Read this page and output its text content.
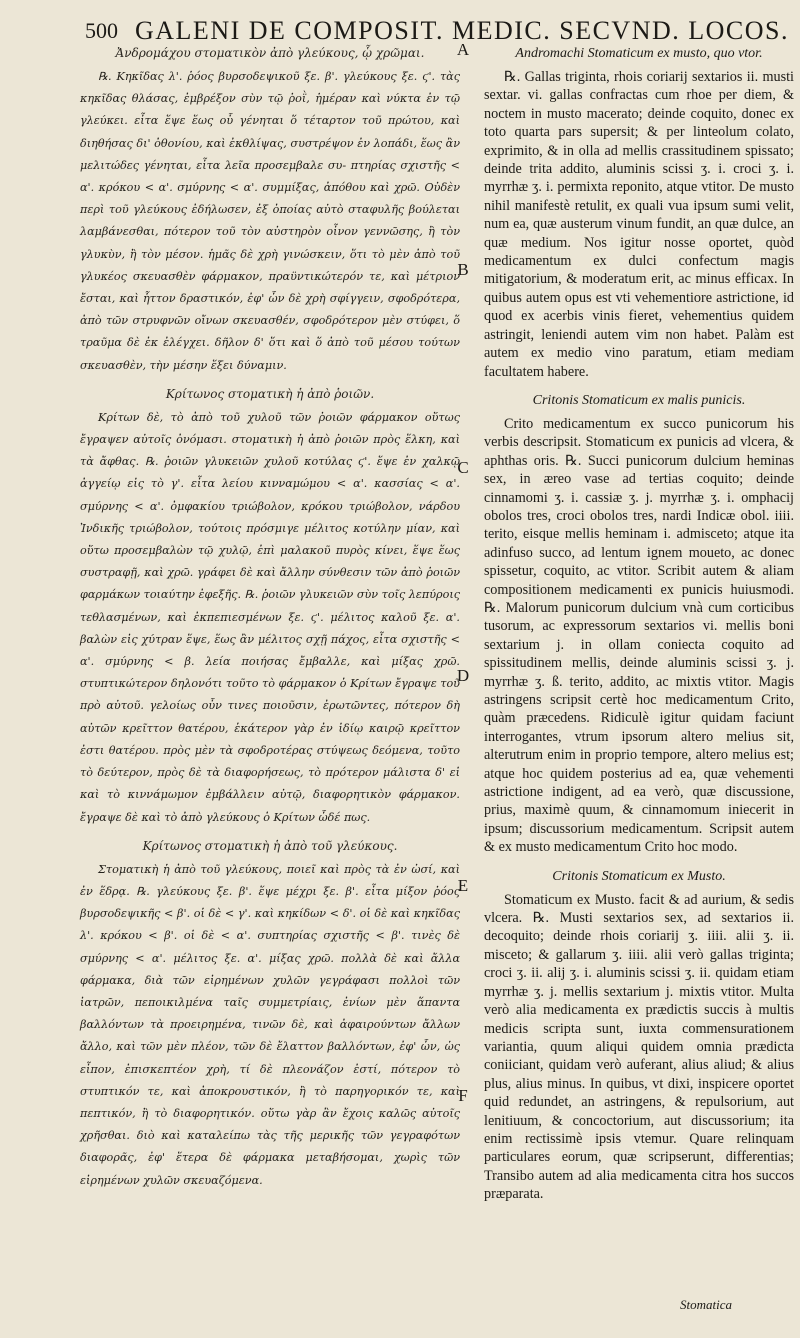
500 GALENI DE COMPOSIT. MEDIC. SECVND. LOCOS.
A
B
C
D
E
F

Ἀνδρομάχου στοματικὸν ἀπὸ γλεύκους, ᾧ χρῶμαι.

℞. Κηκῖδας λ'. ῥόος βυρσοδεψικοῦ ξε. β'. γλεύκους ξε. ϛ'. τὰς κηκῖδας θλάσας, ἐμβρέξον σὺν τῷ ῥοῒ, ἡμέραν καὶ νύκτα ἐν τῷ γλεύκει. εἶτα ἕψε ἕως οὗ γένηται ὅ τέταρτον τοῦ πρώτου, καὶ διηθήσας δι' ὀθονίου, καὶ ἐκθλίψας, συστρέψον ἐν λοπάδι, ἕως ἂν μελιτώδες γένηται, εἶτα λεῖα προσεμβαλε συ- πτηρίας σχιστῆς < α'. κρόκου < α'. σμύρνης < α'. συμμίξας, ἀπόθου καὶ χρῶ. Οὐδὲν περὶ τοῦ γλεύκους ἐδήλωσεν, ἐξ ὁποίας αὐτὸ σταφυλῆς βούλεται λαμβάνεσθαι, πότερον τοῦ τὸν αὐστηρὸν οἶνον γεννῶσης, ἢ τὸν γλυκὺν, ἢ τὸν μέσον. ἡμᾶς δὲ χρὴ γινώσκειν, ὅτι τὸ μὲν ἀπὸ τοῦ γλυκέος σκευασθὲν φάρμακον, πραϋντικώτερόν τε, καὶ μέτριον ἔσται, καὶ ἧττον δραστικόν, ἐφ' ὧν δὲ χρὴ σφίγγειν, σφοδρότερα, ἀπὸ τῶν στρυφνῶν οἴνων σκευασθέν, σφοδρότερον μὲν στύφει, ὅ τραῦμα δὲ ἐκ ἐλέγχει. δῆλον δ' ὅτι καὶ ὅ ἀπὸ τοῦ μέσου τούτων σκευασθὲν, τὴν μέσην ἕξει δύναμιν.

Κρίτωνος στοματικὴ ἡ ἀπὸ ῥοιῶν.

Κρίτων δὲ, τὸ ἀπὸ τοῦ χυλοῦ τῶν ῥοιῶν φάρμακον οὕτως ἔγραψεν αὐτοῖς ὀνόμασι. στοματικὴ ἡ ἀπὸ ῥοιῶν πρὸς ἕλκη, καὶ τὰ ἄφθας. ℞. ῥοιῶν γλυκειῶν χυλοῦ κοτύλας ϛ'. ἕψε ἐν χαλκῷ ἀγγείῳ εἰς τὸ γ'. εἶτα λείου κινναμώμου < α'. κασσίας < α'. σμύρνης < α'. ὀμφακίου τριώβολον, κρόκου τριώβολον, νάρδου Ἰνδικῆς τριώβολον, τούτοις πρόσμιγε μέλιτος κοτύλην μίαν, καὶ οὕτω προσεμβαλὼν τῷ χυλῷ, ἐπὶ μαλακοῦ πυρὸς κίνει, ἕψε ἕως συστραφῇ, καὶ χρῶ. γράφει δὲ καὶ ἄλλην σύνθεσιν τῶν ἀπὸ ῥοιῶν φαρμάκων τοιαύτην ἐφεξῆς. ℞. ῥοιῶν γλυκειῶν σὺν τοῖς λεπύροις τεθλασμένων, καὶ ἐκπεπιεσμένων ξε. ϛ'. μέλιτος καλοῦ ξε. α'. βαλὼν εἰς χύτραν ἕψε, ἕως ἂν μέλιτος σχῇ πάχος, εἶτα σχιστῆς < α'. σμύρνης < β. λεία ποιήσας ἔμβαλλε, καὶ μίξας χρῶ. στυπτικώτερον δηλονότι τοῦτο τὸ φάρμακον ὁ Κρίτων ἔγραψε τοῦ πρὸ αὐτοῦ. γελοίως οὖν τινες ποιοῦσιν, ἐρωτῶντες, πότερον δὴ αὐτῶν κρεῖττον θατέρου, ἑκάτερον γὰρ ἐν ἰδίῳ καιρῷ κρεῖττον ἐστι θατέρου. πρὸς μὲν τὰ σφοδροτέρας στύψεως δεόμενα, τοῦτο τὸ δεύτερον, πρὸς δὲ τὰ διαφορήσεως, τὸ πρότερον μάλιστα δ' εἰ καὶ τὸ κιννάμωμον ἐμβάλλειν αὐτῷ, διαφορητικὸν φάρμακον. ἔγραψε δὲ καὶ τὸ ἀπὸ γλεύκους ὁ Κρίτων ὧδέ πως.

Κρίτωνος στοματικὴ ἡ ἀπὸ τοῦ γλεύκους.

Στοματικὴ ἡ ἀπὸ τοῦ γλεύκους, ποιεῖ καὶ πρὸς τὰ ἐν ὠσί, καὶ ἐν ἕδρᾳ. ℞. γλεύκους ξε. β'. ἕψε μέχρι ξε. β'. εἶτα μίξον ῥόος βυρσοδεψικῆς < β'. οἱ δὲ < γ'. καὶ κηκίδων < δ'. οἱ δὲ καὶ κηκῖδας λ'. κρόκου < β'. οἱ δὲ < α'. συπτηρίας σχιστῆς < β'. τινὲς δὲ σμύρνης < α'. μέλιτος ξε. α'. μίξας χρῶ. πολλὰ δὲ καὶ ἄλλα φάρμακα, διὰ τῶν εἰρημένων χυλῶν γεγράφασι πολλοὶ τῶν ἰατρῶν, πεποικιλμένα ταῖς συμμετρίαις, ἐνίων μὲν ἅπαντα βαλλόντων τὰ προειρημένα, τινῶν δὲ, καὶ ἀφαιρούντων ἄλλων ἄλλο, καὶ τῶν μὲν πλέον, τῶν δὲ ἔλαττον βαλλόντων, ἐφ' ὧν, ὡς εἶπον, ἐπισκεπτέον χρὴ, τί δὲ πλεονάζον ἐστί, πότερον τὸ στυπτικόν τε, καὶ ἀποκρουστικόν, ἢ τὸ παρηγορικόν τε, καὶ πεπτικόν, ἢ τὸ διαφορητικόν. οὕτω γὰρ ἂν ἔχοις καλῶς αὐτοῖς χρῆσθαι. διὸ καὶ καταλείπω τὰς τῆς μερικῆς τῶν γεγραφότων διαφορᾶς, ἐφ' ἕτερα δὲ φάρμακα μεταβήσομαι, χωρὶς τῶν εἰρημένων χυλῶν σκευαζόμενα.

Andromachi Stomaticum ex musto, quo vtor.

℞. Gallas triginta, rhois coriarij sextarios ii. musti sextar. vi. gallas confractas cum rhoe per diem, & noctem in musto macerato; deinde coquito, donec ex toto quarta pars supersit; & per linteolum colato, exprimito, & in olla ad mellis crassitudinem spissato; deinde trita addito, aluminis scissi ʒ. i. croci ʒ. i. myrrhæ ʒ. i. permixta reponito, atque vtitor. De musto nihil manifestè retulit, ex quali vua ipsum sumi velit, num ea, quæ austerum vinum fundit, an quæ dulce, an quæ medium. Nos igitur nosse oportet, quòd medicamentum ex dulci confectum magis mitigatorium, & moderatum erit, ac minus efficax. In quibus autem opus est vti vehementiore astrictione, id quod ex acerbis vinis fieret, vehementius quidem astringit, leniendi autem vim non habet. Palàm est autem ex medio vino paratum, etiam mediam facultatem habere.

Critonis Stomaticum ex malis punicis.

Crito medicamentum ex succo punicorum his verbis descripsit. Stomaticum ex punicis ad vlcera, & aphthas oris. ℞. Succi punicorum dulcium heminas sex, in æreo vase ad tertias coquito; deinde cinnamomi ʒ. i. cassiæ ʒ. j. myrrhæ ʒ. i. omphacij obolos tres, croci obolos tres, nardi Indicæ obol. iiii. terito, eisque mellis heminam i. admisceto; atque ita adinfuso succo, ad lentum ignem moueto, ac donec spissetur, coquito, ac vtitor. Scribit autem & aliam compositionem medicamenti ex punicis huiusmodi. ℞. Malorum punicorum dulcium vnà cum corticibus tusorum, ac expressorum sextarios vi. mellis boni sextarium j. in ollam coniecta coquito ad spissitudinem mellis, deinde aluminis scissi ʒ. j. myrrhæ ʒ. ß. terito, addito, ac mixtis vtitor. Magis astringens scripsit certè hoc medicamentum Crito, quàm præcedens. Ridiculè igitur quidam faciunt interrogantes, vtrum ipsorum altero melius sit, alterutrum enim in proprio tempore, altero melius est; atque hoc quidem posterius ad ea, quæ vehementi astrictione indigent, ad ea verò, quæ discussione, prius, maximè quum, & cinnamomum iniecerit in ipsum; discussorium medicamentum. Scripsit autem & ex musto medicamentum Crito hoc modo.

Critonis Stomaticum ex Musto.

Stomaticum ex Musto. facit & ad aurium, & sedis vlcera. ℞. Musti sextarios sex, ad sextarios ii. decoquito; deinde rhois coriarij ʒ. iiii. alii ʒ. ii. misceto; & gallarum ʒ. iiii. alii verò gallas triginta; croci ʒ. ii. alij ʒ. i. aluminis scissi ʒ. ii. quidam etiam myrrhæ ʒ. j. mellis sextarium j. mixtis vtitor. Multa verò alia medicamenta ex prædictis succis à multis medicis scripta sunt, iuxta commensurationem variantia, quum aliqui quidem omnia prædicta coniiciant, quidam verò auferant, alius aliud; & alius plus, alius minus. In quibus, vt dixi, inspicere oportet quid redundet, an astringens, & repulsorium, aut lenitiuum, & concoctorium, aut discussorium; ita enim rectissimè ipsis vtemur. Quare relinquam particulares eorum, quæ scripserunt, differentias; Transibo autem ad alia medicamenta citra hos succos præparata.

Stomatica
